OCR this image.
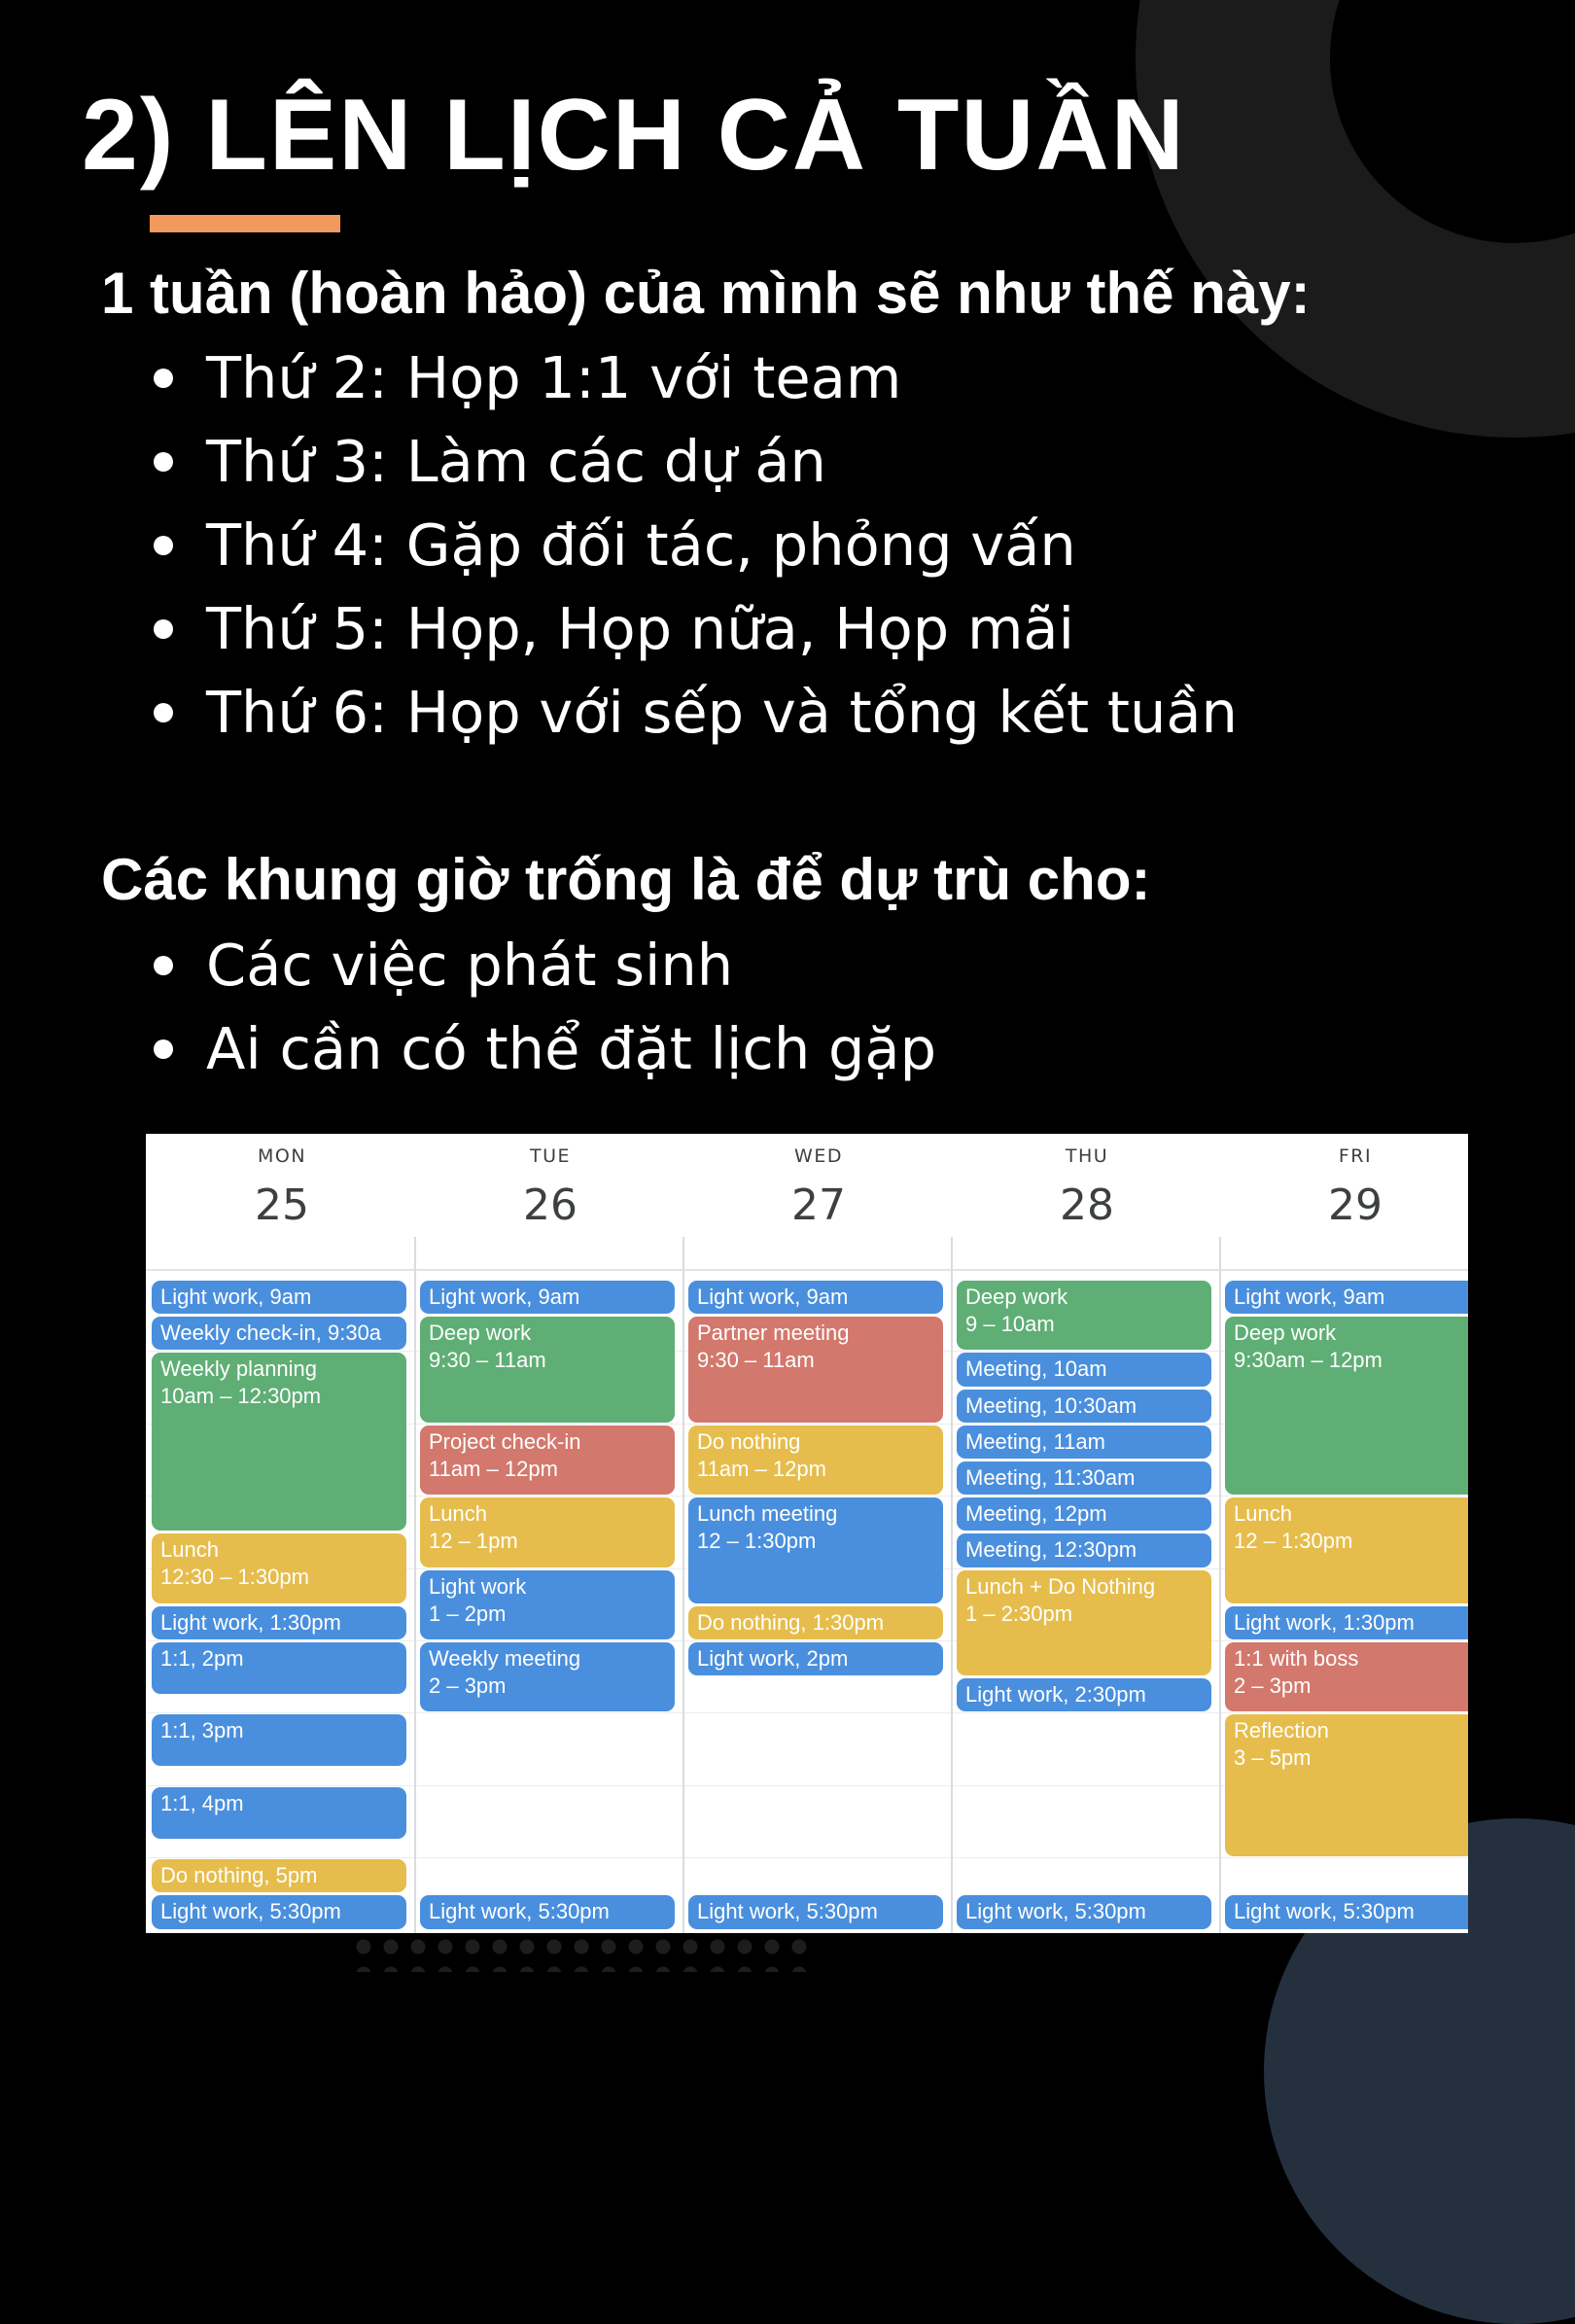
2) LÊN LỊCH CẢ TUẦN
1 tuần (hoàn hảo) của mình sẽ như thế này:
Thứ 2: Họp 1:1 với team
Thứ 3: Làm các dự án
Thứ 4: Gặp đối tác, phỏng vấn
Thứ 5: Họp, Họp nữa, Họp mãi
Thứ 6: Họp với sếp và tổng kết tuần
Các khung giờ trống là để dự trù cho:
Các việc phát sinh
Ai cần có thể đặt lịch gặp
MON
25
Light work, 9am
Weekly check-in, 9:30a
Weekly planning
10am – 12:30pm
Lunch
12:30 – 1:30pm
Light work, 1:30pm
1:1, 2pm
1:1, 3pm
1:1, 4pm
Do nothing, 5pm
Light work, 5:30pm
TUE
26
Light work, 9am
Deep work
9:30 – 11am
Project check-in
11am – 12pm
Lunch
12 – 1pm
Light work
1 – 2pm
Weekly meeting
2 – 3pm
Light work, 5:30pm
WED
27
Light work, 9am
Partner meeting
9:30 – 11am
Do nothing
11am – 12pm
Lunch meeting
12 – 1:30pm
Do nothing, 1:30pm
Light work, 2pm
Light work, 5:30pm
THU
28
Deep work
9 – 10am
Meeting, 10am
Meeting, 10:30am
Meeting, 11am
Meeting, 11:30am
Meeting, 12pm
Meeting, 12:30pm
Lunch + Do Nothing
1 – 2:30pm
Light work, 2:30pm
Light work, 5:30pm
FRI
29
Light work, 9am
Deep work
9:30am – 12pm
Lunch
12 – 1:30pm
Light work, 1:30pm
1:1 with boss
2 – 3pm
Reflection
3 – 5pm
Light work, 5:30pm
